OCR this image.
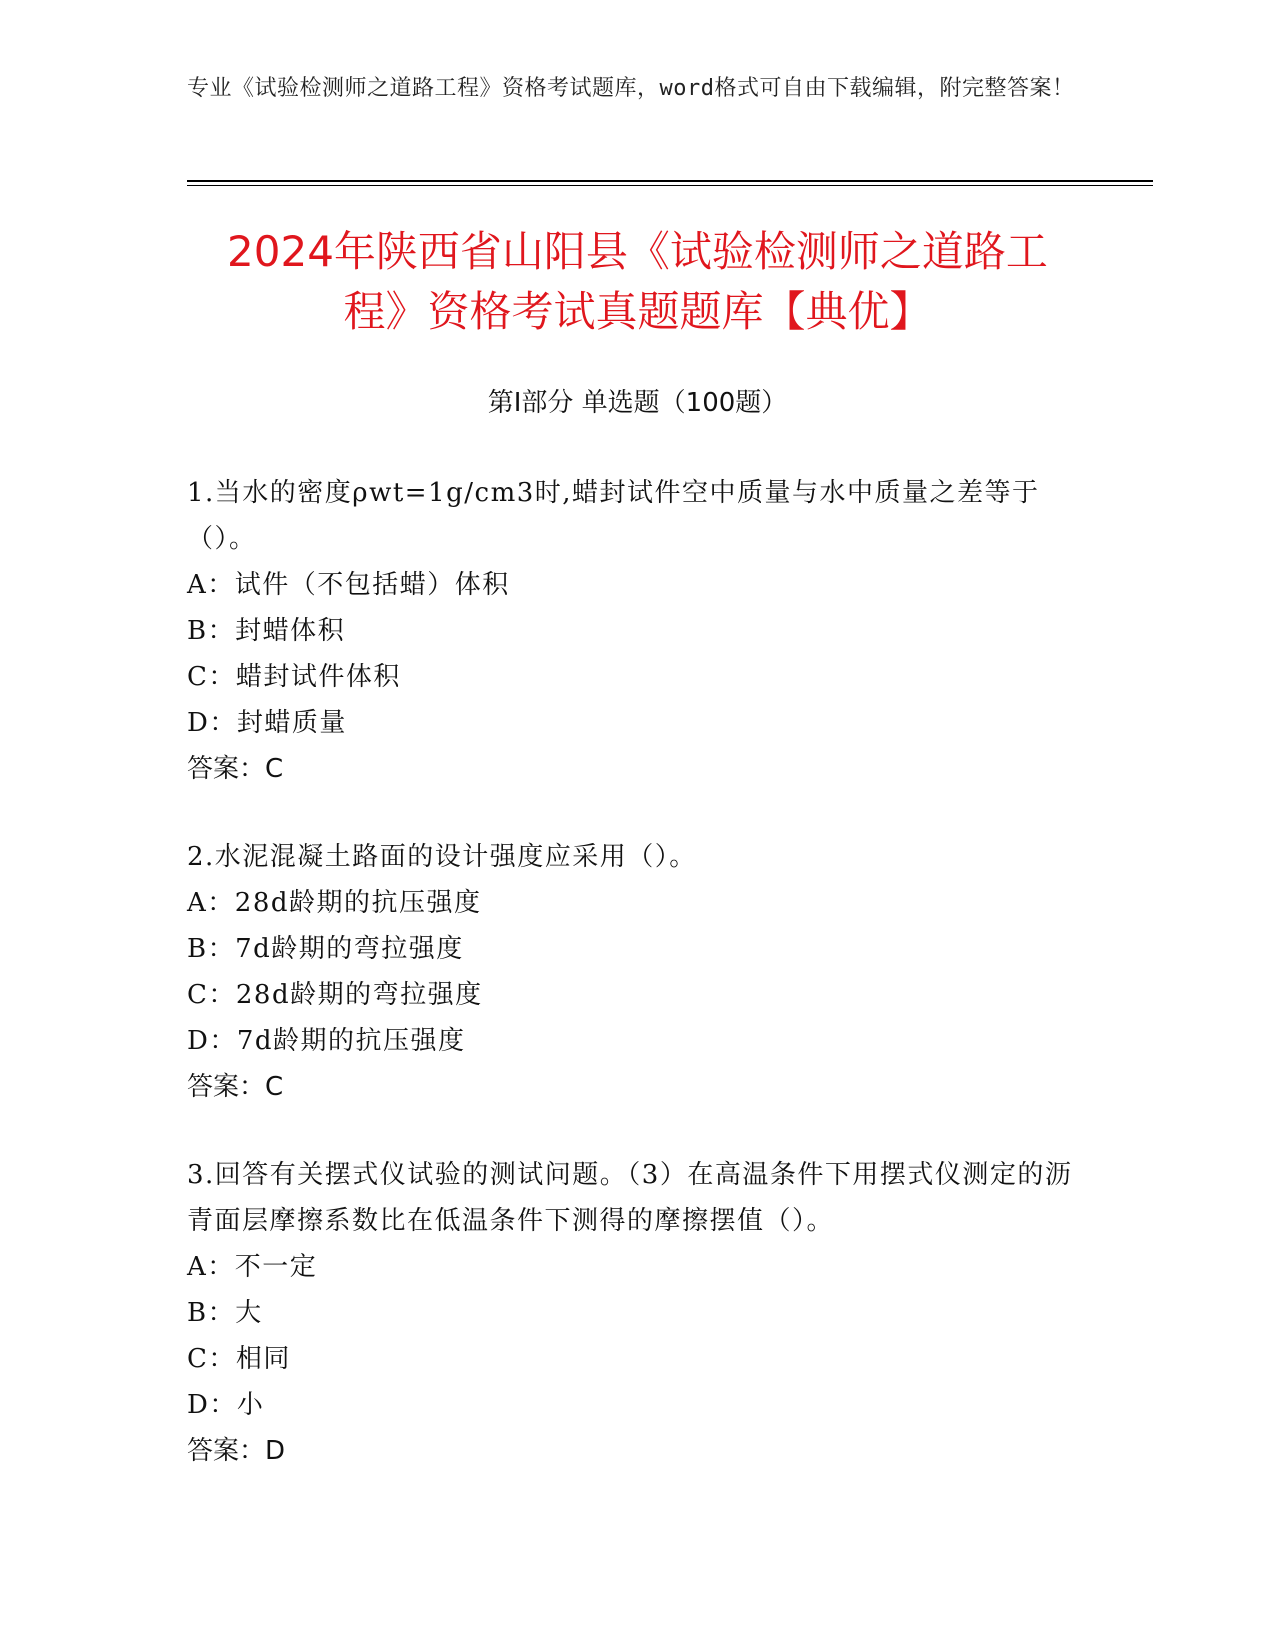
专业《试验检测师之道路工程》资格考试题库，word格式可自由下载编辑，附完整答案！
2024年陕西省山阳县《试验检测师之道路工
程》资格考试真题题库【典优】
第Ⅰ部分 单选题（100题）
1.当水的密度ρwt=1g/cm3时,蜡封试件空中质量与水中质量之差等于（）。
A：试件（不包括蜡）体积
B：封蜡体积
C：蜡封试件体积
D：封蜡质量
答案：C
2.水泥混凝土路面的设计强度应采用（）。
A：28d龄期的抗压强度
B：7d龄期的弯拉强度
C：28d龄期的弯拉强度
D：7d龄期的抗压强度
答案：C
3.回答有关摆式仪试验的测试问题。（3）在高温条件下用摆式仪测定的沥青面层摩擦系数比在低温条件下测得的摩擦摆值（）。
A：不一定
B：大
C：相同
D：小
答案：D
